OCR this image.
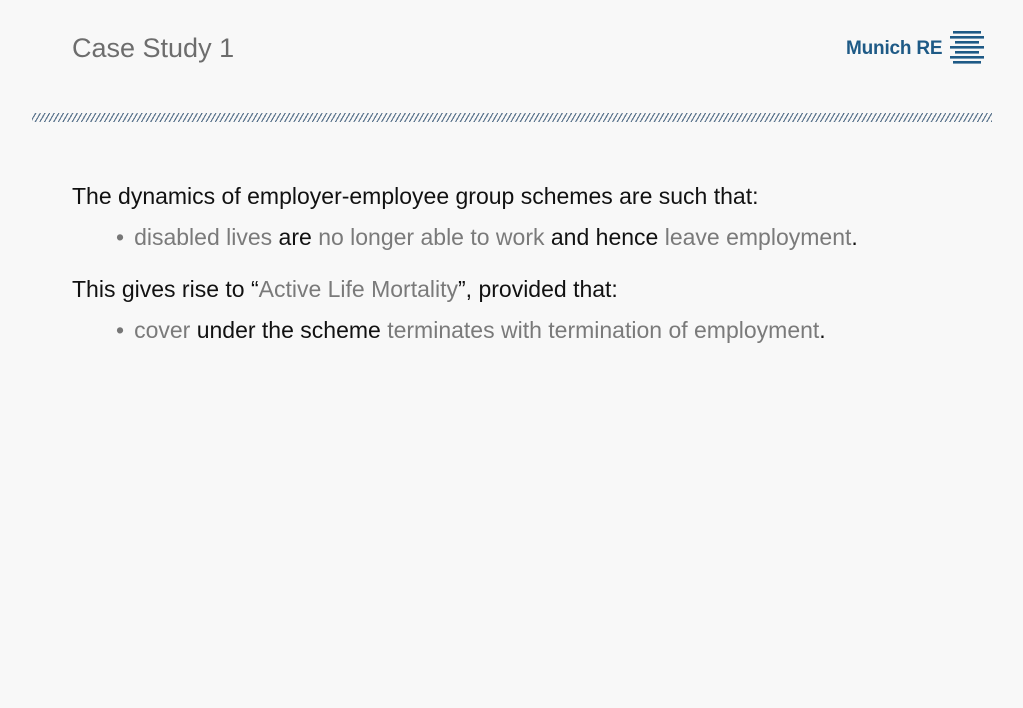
Case Study 1	Munich RE

The dynamics of employer-employee group schemes are such that:

• disabled lives are no longer able to work and hence leave employment.

This gives rise to “Active Life Mortality”, provided that:

• cover under the scheme terminates with termination of employment.
